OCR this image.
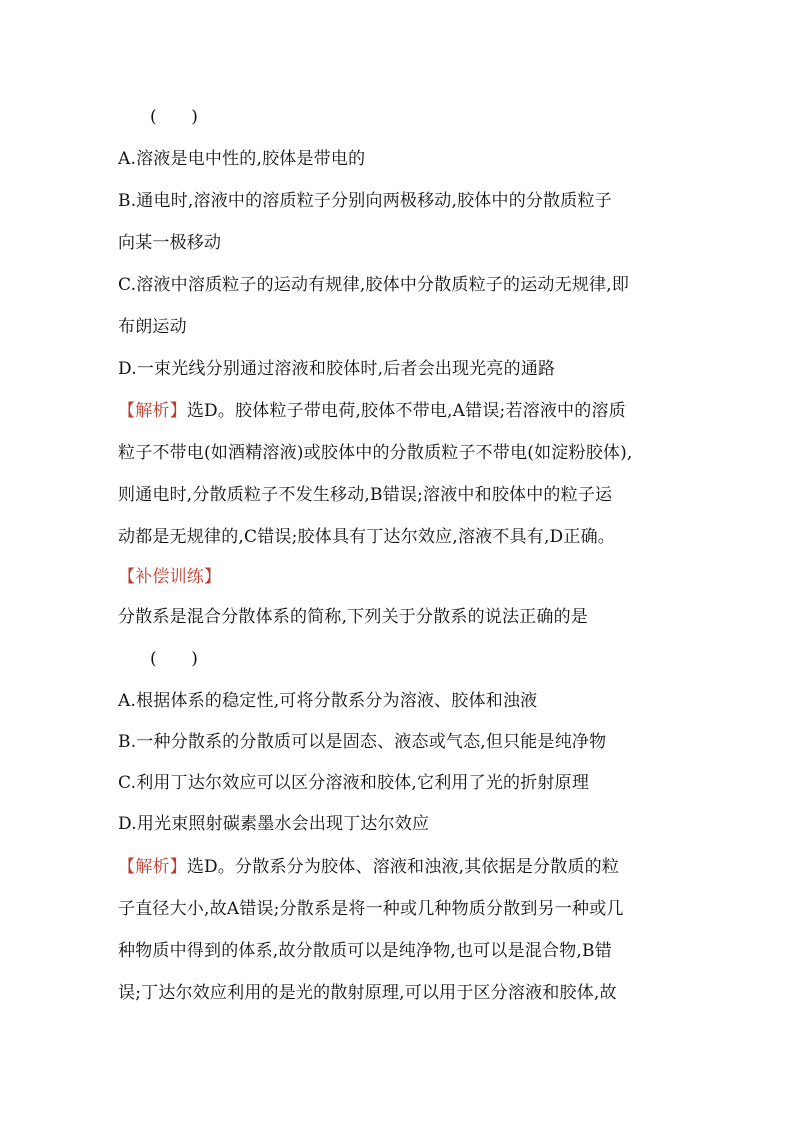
(　　)
A.溶液是电中性的,胶体是带电的
B.通电时,溶液中的溶质粒子分别向两极移动,胶体中的分散质粒子
向某一极移动
C.溶液中溶质粒子的运动有规律,胶体中分散质粒子的运动无规律,即
布朗运动
D.一束光线分别通过溶液和胶体时,后者会出现光亮的通路
【解析】选D。胶体粒子带电荷,胶体不带电,A错误;若溶液中的溶质
粒子不带电(如酒精溶液)或胶体中的分散质粒子不带电(如淀粉胶体),
则通电时,分散质粒子不发生移动,B错误;溶液中和胶体中的粒子运
动都是无规律的,C错误;胶体具有丁达尔效应,溶液不具有,D正确。
【补偿训练】
分散系是混合分散体系的简称,下列关于分散系的说法正确的是
(　　)
A.根据体系的稳定性,可将分散系分为溶液、胶体和浊液
B.一种分散系的分散质可以是固态、液态或气态,但只能是纯净物
C.利用丁达尔效应可以区分溶液和胶体,它利用了光的折射原理
D.用光束照射碳素墨水会出现丁达尔效应
【解析】选D。分散系分为胶体、溶液和浊液,其依据是分散质的粒
子直径大小,故A错误;分散系是将一种或几种物质分散到另一种或几
种物质中得到的体系,故分散质可以是纯净物,也可以是混合物,B错
误;丁达尔效应利用的是光的散射原理,可以用于区分溶液和胶体,故
